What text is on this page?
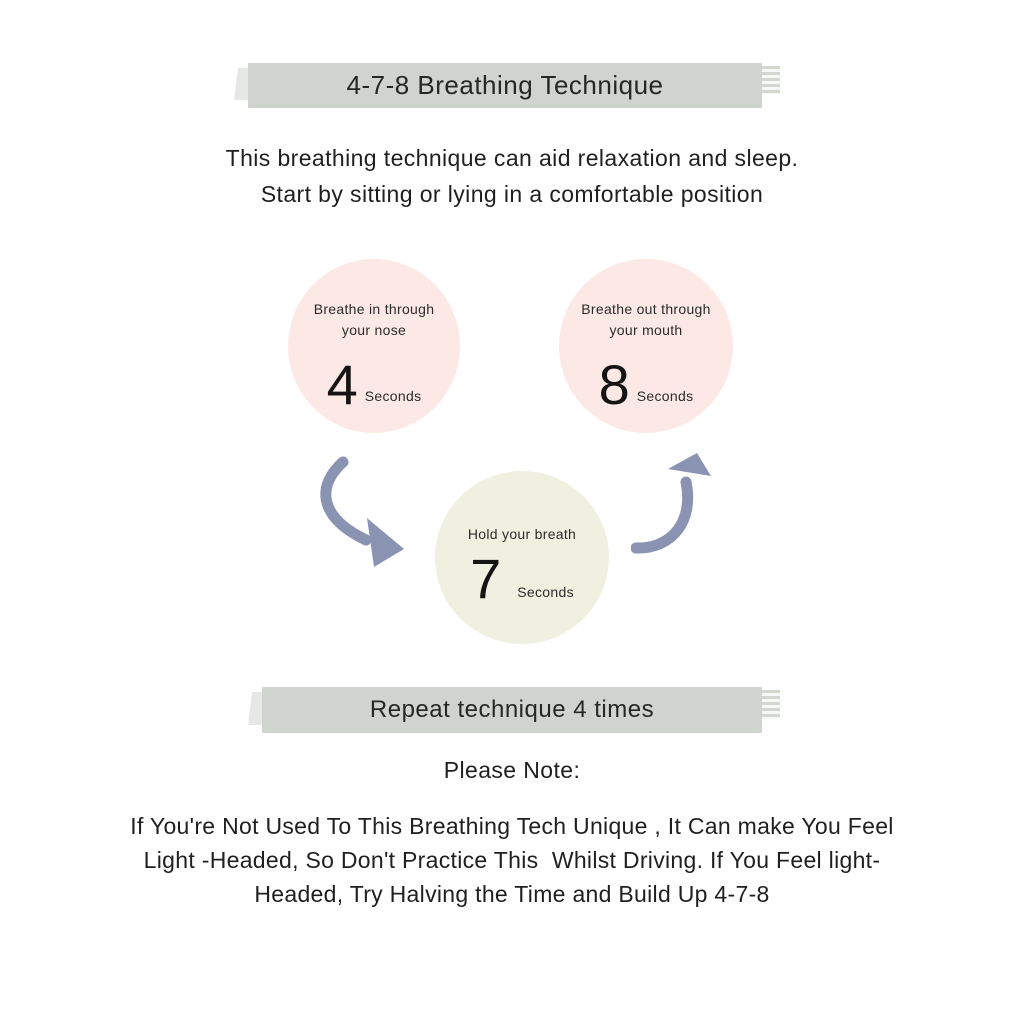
4-7-8 Breathing Technique
This breathing technique can aid relaxation and sleep.
Start by sitting or lying in a comfortable position
Breathe in through your nose
4 Seconds
Breathe out through your mouth
8 Seconds
Hold your breath
7 Seconds
Repeat technique 4 times
Please Note:
If You're Not Used To This Breathing Tech Unique , It Can make You Feel
Light -Headed, So Don't Practice This  Whilst Driving. If You Feel light-
Headed, Try Halving the Time and Build Up 4-7-8
